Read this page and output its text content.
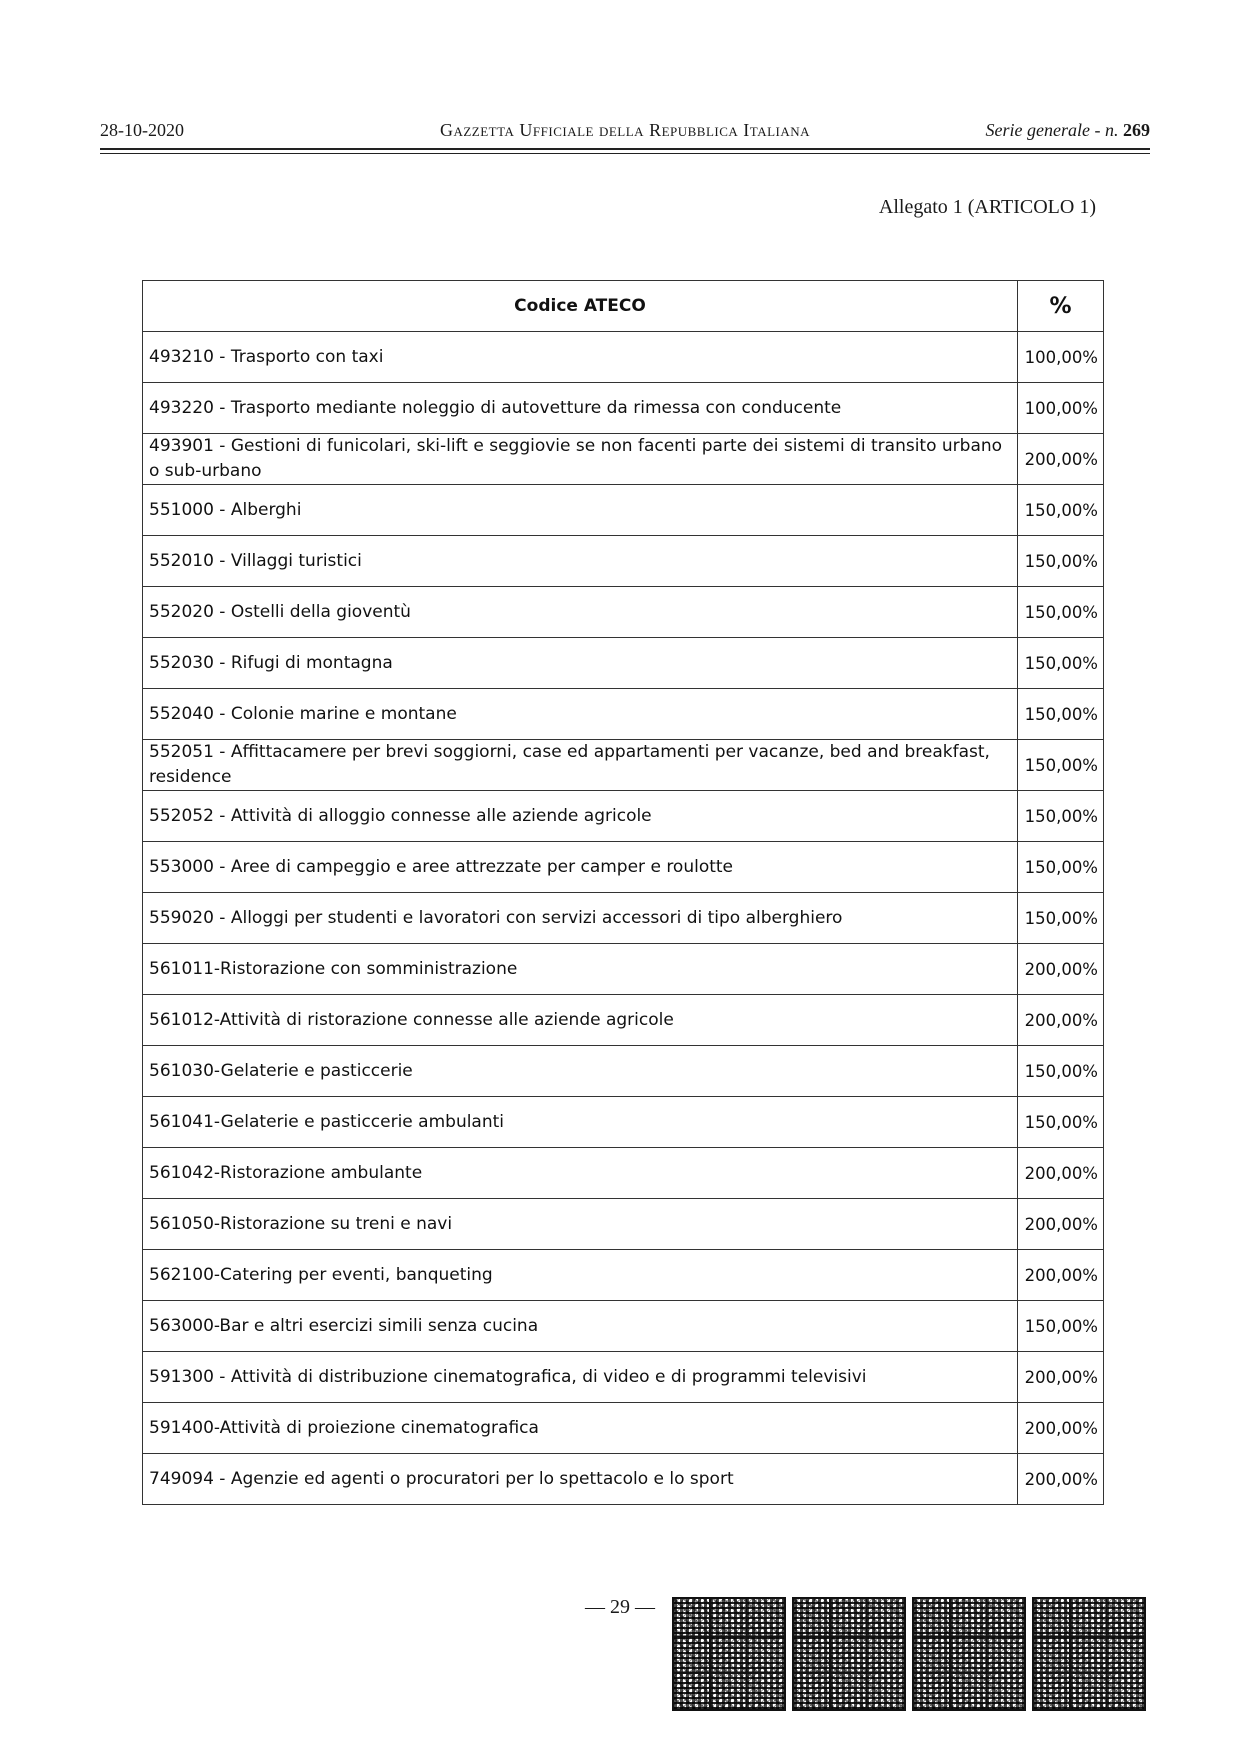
28-10-2020	Gazzetta Ufficiale della Repubblica Italiana	Serie generale - n. 269
Allegato 1 (ARTICOLO 1)
Codice ATECO	%
493210 - Trasporto con taxi	100,00%
493220 - Trasporto mediante noleggio di autovetture da rimessa con conducente	100,00%
493901 - Gestioni di funicolari, ski-lift e seggiovie se non facenti parte dei sistemi di transito urbano o sub-urbano	200,00%
551000 - Alberghi	150,00%
552010 - Villaggi turistici	150,00%
552020 - Ostelli della gioventù	150,00%
552030 - Rifugi di montagna	150,00%
552040 - Colonie marine e montane	150,00%
552051 - Affittacamere per brevi soggiorni, case ed appartamenti per vacanze, bed and breakfast, residence	150,00%
552052 - Attività di alloggio connesse alle aziende agricole	150,00%
553000 - Aree di campeggio e aree attrezzate per camper e roulotte	150,00%
559020 - Alloggi per studenti e lavoratori con servizi accessori di tipo alberghiero	150,00%
561011-Ristorazione con somministrazione	200,00%
561012-Attività di ristorazione connesse alle aziende agricole	200,00%
561030-Gelaterie e pasticcerie	150,00%
561041-Gelaterie e pasticcerie ambulanti	150,00%
561042-Ristorazione ambulante	200,00%
561050-Ristorazione su treni e navi	200,00%
562100-Catering per eventi, banqueting	200,00%
563000-Bar e altri esercizi simili senza cucina	150,00%
591300 - Attività di distribuzione cinematografica, di video e di programmi televisivi	200,00%
591400-Attività di proiezione cinematografica	200,00%
749094 - Agenzie ed agenti o procuratori per lo spettacolo e lo sport	200,00%
— 29 —
